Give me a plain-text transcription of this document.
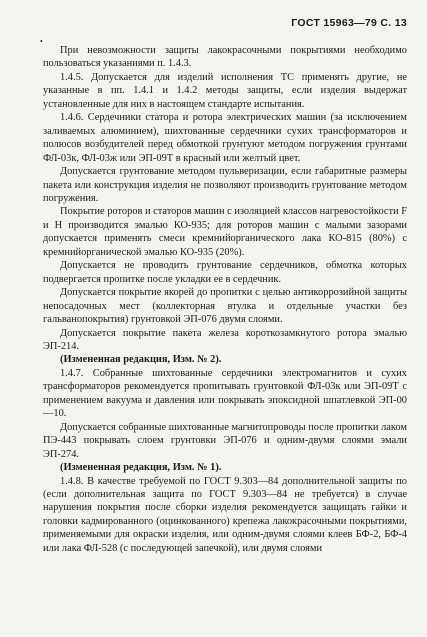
ГОСТ 15963—79 С. 13
•

При невозможности защиты лакокрасочными покрытиями необходимо пользоваться указаниями п. 1.4.3.

1.4.5. Допускается для изделий исполнения ТС применять другие, не указанные в пп. 1.4.1 и 1.4.2 методы защиты, если изделия выдержат установленные для них в настоящем стандарте испытания.

1.4.6. Сердечники статора и ротора электрических машин (за исключением заливаемых алюминием), шихтованные сердечники сухих трансформаторов и полюсов возбудителей перед обмоткой грунтуют методом погружения грунтами ФЛ-03к, ФЛ-03ж или ЭП-09Т в красный или желтый цвет.

Допускается грунтование методом пульверизации, если габаритные размеры пакета или конструкция изделия не позволяют производить грунтование методом погружения.

Покрытие роторов и статоров машин с изоляцией классов нагревостойкости F и H производится эмалью КО-935; для роторов машин с малыми зазорами допускается применять смеси кремнийорганического лака КО-815 (80%) с кремнийорганической эмалью КО-935 (20%).

Допускается не проводить грунтование сердечников, обмотка которых подвергается пропитке после укладки ее в сердечник.

Допускается покрытие якорей до пропитки с целью антикоррозийной защиты непосадочных мест (коллекторная втулка и отдельные участки без гальванопокрытия) грунтовкой ЭП-076 двумя слоями.

Допускается покрытие пакета железа короткозамкнутого ротора эмалью ЭП-214.

(Измененная редакция, Изм. № 2).

1.4.7. Собранные шихтованные сердечники электромагнитов и сухих трансформаторов рекомендуется пропитывать грунтовкой ФЛ-03к или ЭП-09Т с применением вакуума и давления или покрывать эпоксидной шпатлевкой ЭП-00—10.

Допускается собранные шихтованные магнитопроводы после пропитки лаком ПЭ-443 покрывать слоем грунтовки ЭП-076 и одним-двумя слоями эмали ЭП-274.

(Измененная редакция, Изм. № 1).

1.4.8. В качестве требуемой по ГОСТ 9.303—84 дополнительной защиты по (если дополнительная защита по ГОСТ 9.303—84 не требуется) в случае нарушения покрытия после сборки изделия рекомендуется защищать гайки и головки кадмированного (оцинкованного) крепежа лакокрасочными покрытиями, применяемыми для окраски изделия, или одним-двумя слоями клеев БФ-2, БФ-4 или лака ФЛ-528 (с последующей запечкой), или двумя слоями
